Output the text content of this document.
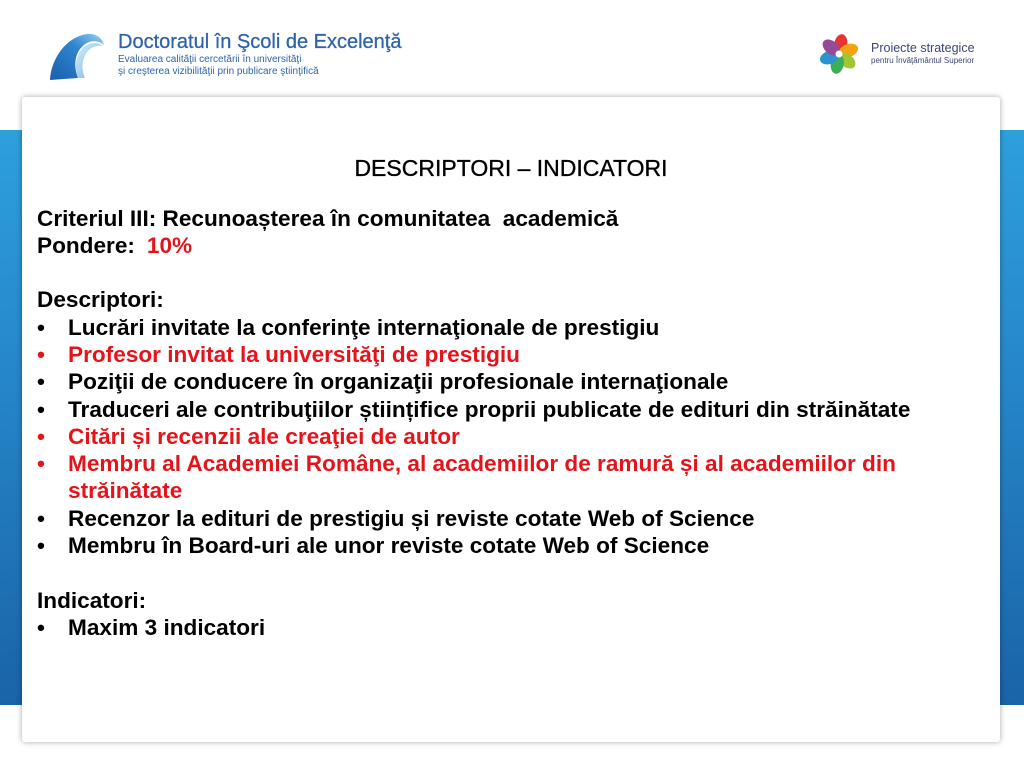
Doctoratul în Şcoli de Excelenţă
Evaluarea calităţii cercetării în universităţi
şi creşterea vizibilităţii prin publicare ştiinţifică
Proiecte strategice
pentru Învăţământul Superior
DESCRIPTORI – INDICATORI

Criteriul III: Recunoașterea în comunitatea  academică

Pondere: 10%

Descriptori:

•	Lucrări invitate la conferinţe internaţionale de prestigiu
•	Profesor invitat la universităţi de prestigiu
•	Poziţii de conducere în organizaţii profesionale internaţionale
•	Traduceri ale contribuţiilor științifice proprii publicate de edituri din străinătate
•	Citări și recenzii ale creaţiei de autor
•	Membru al Academiei Române, al academiilor de ramură și al academiilor din străinătate
•	Recenzor la edituri de prestigiu și reviste cotate Web of Science
•	Membru în Board-uri ale unor reviste cotate Web of Science

Indicatori:

•	Maxim 3 indicatori
